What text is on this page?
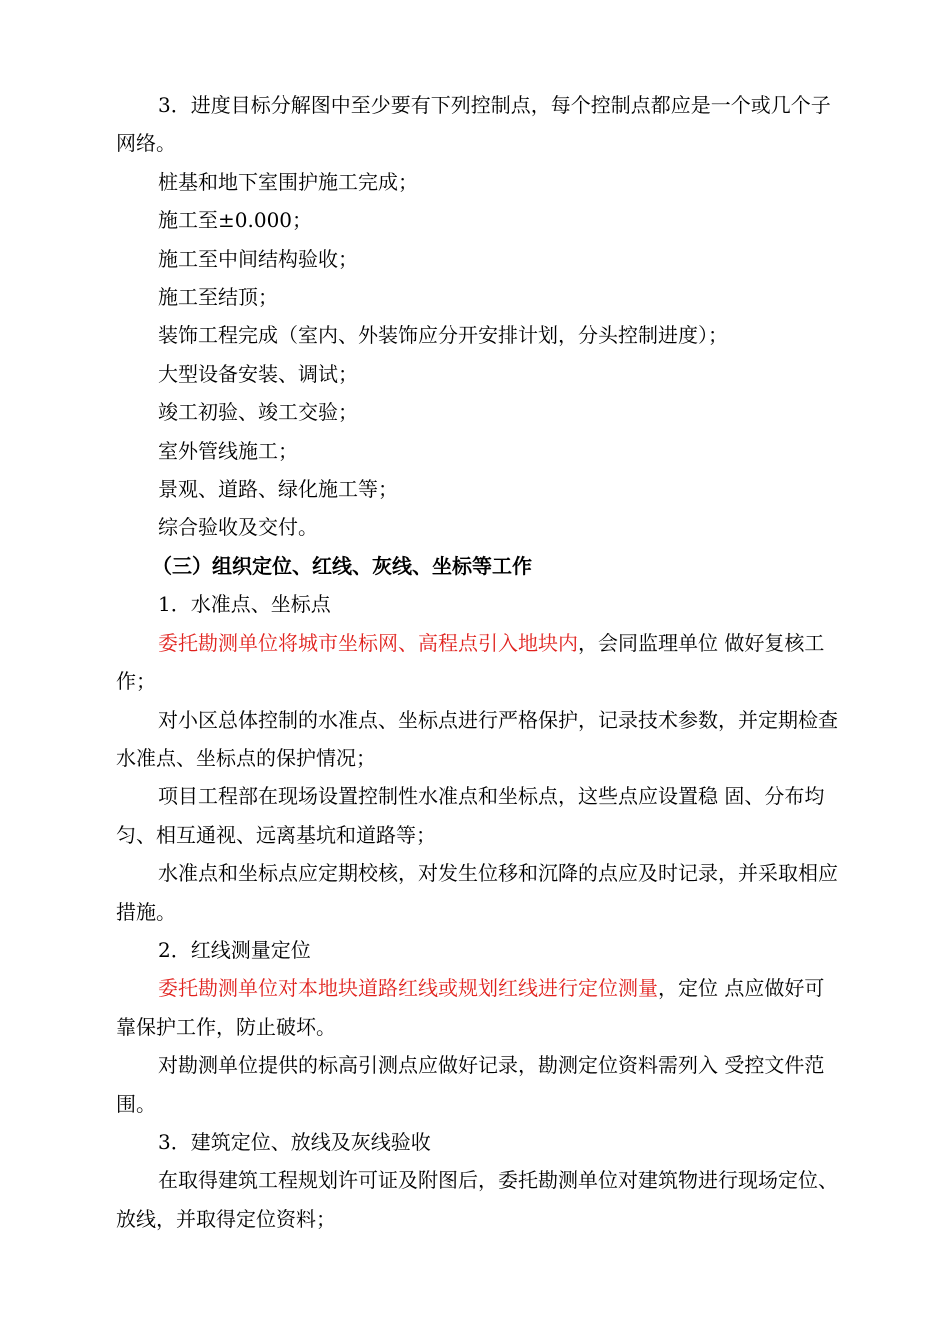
3．进度目标分解图中至少要有下列控制点，每个控制点都应是一个或几个子网络。

桩基和地下室围护施工完成；

施工至±0.000；

施工至中间结构验收；

施工至结顶；

装饰工程完成（室内、外装饰应分开安排计划，分头控制进度）；

大型设备安装、调试；

竣工初验、竣工交验；

室外管线施工；

景观、道路、绿化施工等；

综合验收及交付。

（三）组织定位、红线、灰线、坐标等工作

1．水准点、坐标点

委托勘测单位将城市坐标网、高程点引入地块内，会同监理单位 做好复核工作；

对小区总体控制的水准点、坐标点进行严格保护，记录技术参数，并定期检查水准点、坐标点的保护情况；

项目工程部在现场设置控制性水准点和坐标点，这些点应设置稳 固、分布均匀、相互通视、远离基坑和道路等；

水准点和坐标点应定期校核，对发生位移和沉降的点应及时记录，并采取相应措施。

2．红线测量定位

委托勘测单位对本地块道路红线或规划红线进行定位测量，定位 点应做好可靠保护工作，防止破坏。

对勘测单位提供的标高引测点应做好记录，勘测定位资料需列入 受控文件范围。

3．建筑定位、放线及灰线验收

在取得建筑工程规划许可证及附图后，委托勘测单位对建筑物进行现场定位、放线，并取得定位资料；
